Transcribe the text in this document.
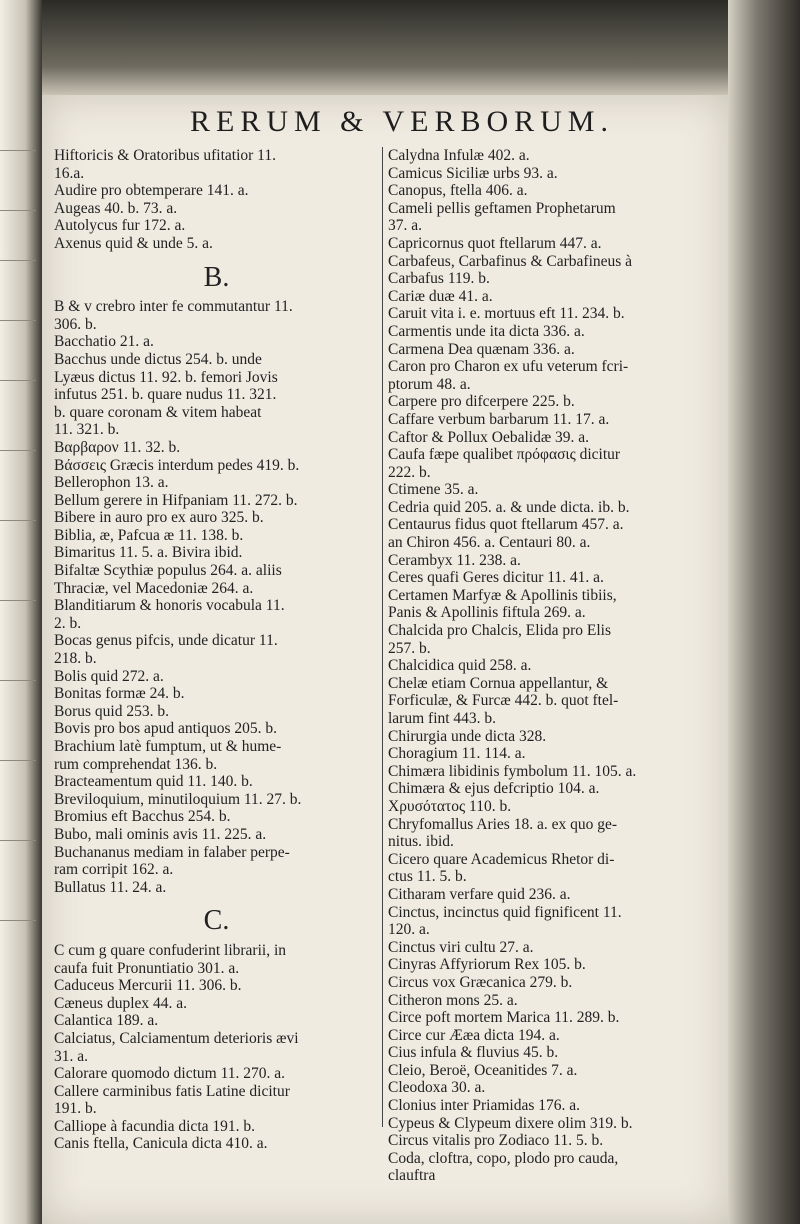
RERUM & VERBORUM.

Hiftoricis & Oratoribus ufitatior 11.

16.a.

Audire pro obtemperare 141. a.

Augeas 40. b. 73. a.

Autolycus fur 172. a.

Axenus quid & unde 5. a.

B.

B & v crebro inter fe commutantur 11.

306. b.

Bacchatio 21. a.

Bacchus unde dictus 254. b. unde

Lyæus dictus 11. 92. b. femori Jovis

infutus 251. b. quare nudus 11. 321.

b. quare coronam & vitem habeat

11. 321. b.

Βαρβαρον 11. 32. b.

Βάσσεις Græcis interdum pedes 419. b.

Bellerophon 13. a.

Bellum gerere in Hifpaniam 11. 272. b.

Bibere in auro pro ex auro 325. b.

Biblia, æ, Pafcua æ 11. 138. b.

Bimaritus 11. 5. a. Bivira ibid.

Bifaltæ Scythiæ populus 264. a. aliis

Thraciæ, vel Macedoniæ 264. a.

Blanditiarum & honoris vocabula 11.

2. b.

Bocas genus pifcis, unde dicatur 11.

218. b.

Bolis quid 272. a.

Bonitas formæ 24. b.

Borus quid 253. b.

Bovis pro bos apud antiquos 205. b.

Brachium latè fumptum, ut & hume-

rum comprehendat 136. b.

Bracteamentum quid 11. 140. b.

Breviloquium, minutiloquium 11. 27. b.

Bromius eft Bacchus 254. b.

Bubo, mali ominis avis 11. 225. a.

Buchananus mediam in falaber perpe-

ram corripit 162. a.

Bullatus 11. 24. a.

C.

C cum g quare confuderint librarii, in

caufa fuit Pronuntiatio 301. a.

Caduceus Mercurii 11. 306. b.

Cæneus duplex 44. a.

Calantica 189. a.

Calciatus, Calciamentum deterioris ævi

31. a.

Calorare quomodo dictum 11. 270. a.

Callere carminibus fatis Latine dicitur

191. b.

Calliope à facundia dicta 191. b.

Canis ftella, Canicula dicta 410. a.

Calydna Infulæ 402. a.

Camicus Siciliæ urbs 93. a.

Canopus, ftella 406. a.

Cameli pellis geftamen Prophetarum

37. a.

Capricornus quot ftellarum 447. a.

Carbafeus, Carbafinus & Carbafineus à

Carbafus 119. b.

Cariæ duæ 41. a.

Caruit vita i. e. mortuus eft 11. 234. b.

Carmentis unde ita dicta 336. a.

Carmena Dea quænam 336. a.

Caron pro Charon ex ufu veterum fcri-

ptorum 48. a.

Carpere pro difcerpere 225. b.

Caffare verbum barbarum 11. 17. a.

Caftor & Pollux Oebalidæ 39. a.

Caufa fæpe qualibet πρόφασις dicitur

222. b.

Ctimene 35. a.

Cedria quid 205. a. & unde dicta. ib. b.

Centaurus fidus quot ftellarum 457. a.

an Chiron 456. a. Centauri 80. a.

Cerambyx 11. 238. a.

Ceres quafi Geres dicitur 11. 41. a.

Certamen Marfyæ & Apollinis tibiis,

Panis & Apollinis fiftula 269. a.

Chalcida pro Chalcis, Elida pro Elis

257. b.

Chalcidica quid 258. a.

Chelæ etiam Cornua appellantur, &

Forficulæ, & Furcæ 442. b. quot ftel-

larum fint 443. b.

Chirurgia unde dicta 328.

Choragium 11. 114. a.

Chimæra libidinis fymbolum 11. 105. a.

Chimæra & ejus defcriptio 104. a.

Χρυσότατος 110. b.

Chryfomallus Aries 18. a. ex quo ge-

nitus. ibid.

Cicero quare Academicus Rhetor di-

ctus 11. 5. b.

Citharam verfare quid 236. a.

Cinctus, incinctus quid fignificent 11.

120. a.

Cinctus viri cultu 27. a.

Cinyras Affyriorum Rex 105. b.

Circus vox Græcanica 279. b.

Citheron mons 25. a.

Circe poft mortem Marica 11. 289. b.

Circe cur Ææa dicta 194. a.

Cius infula & fluvius 45. b.

Cleio, Beroë, Oceanitides 7. a.

Cleodoxa 30. a.

Clonius inter Priamidas 176. a.

Cypeus & Clypeum dixere olim 319. b.

Circus vitalis pro Zodiaco 11. 5. b.

Coda, cloftra, copo, plodo pro cauda,

clauftra
